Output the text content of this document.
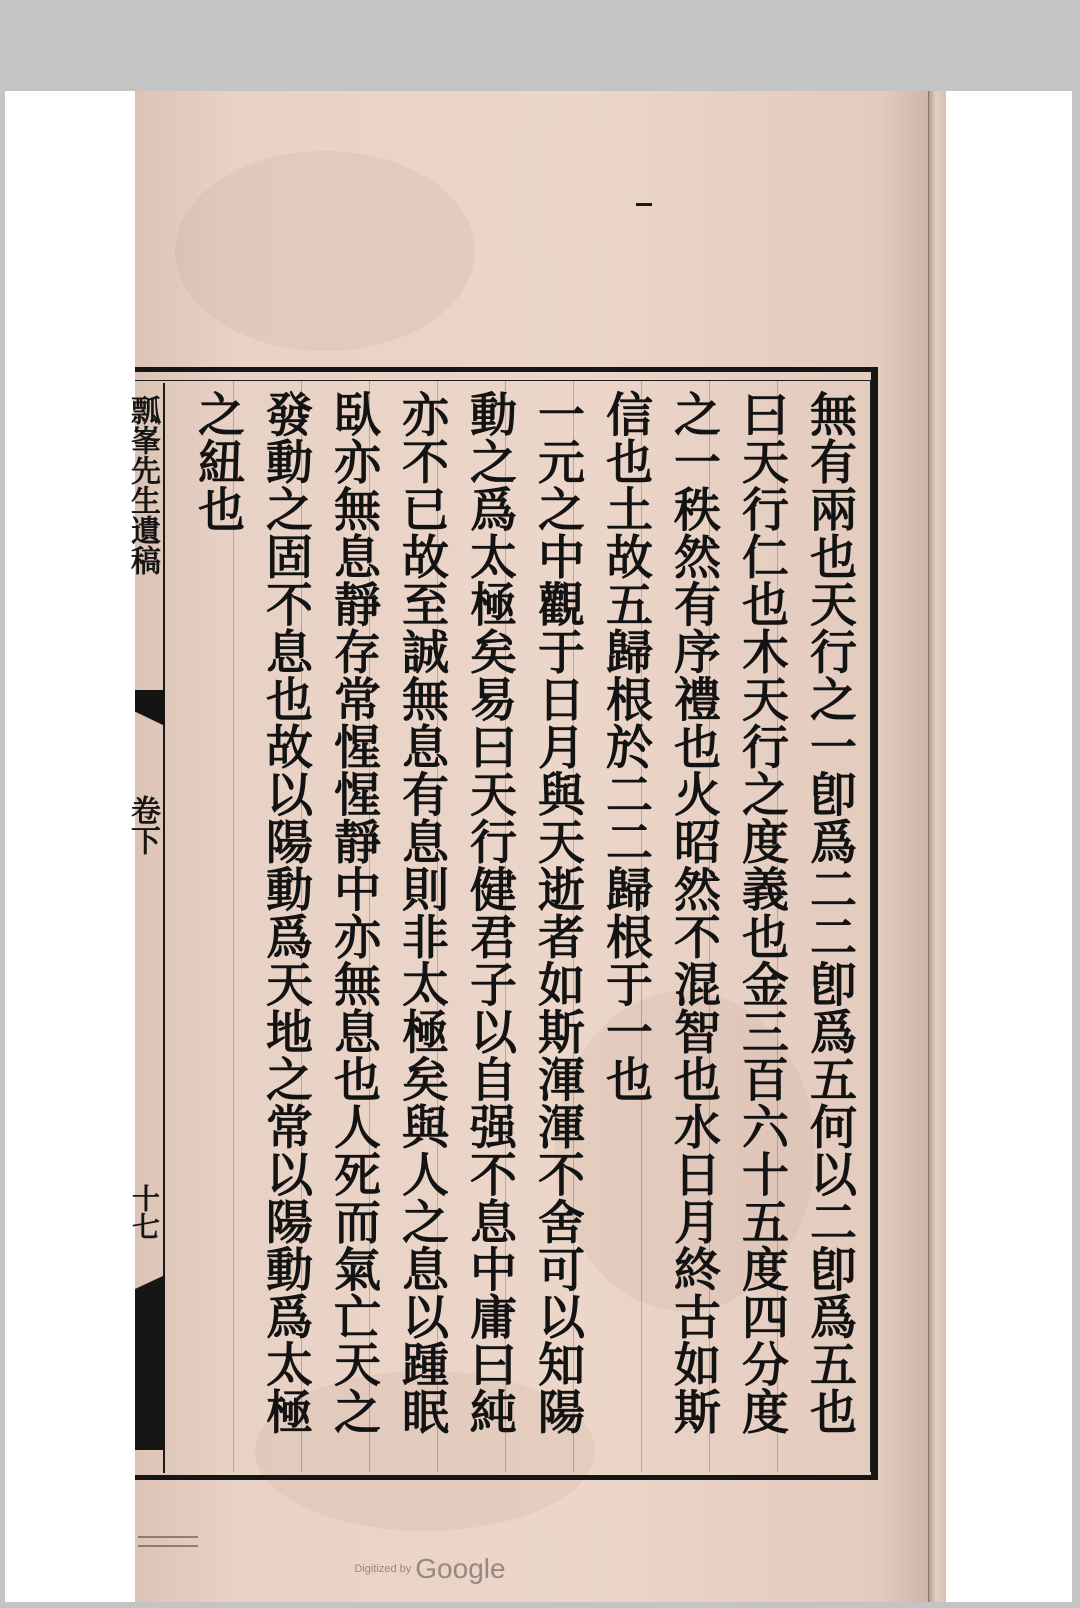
瓢峯先生遺稿
卷下
十七	無有兩也天行之一卽爲二二卽爲五何以二卽爲五也
曰天行仁也木天行之度義也金三百六十五度四分度
之一秩然有序禮也火昭然不混智也水日月終古如斯
信也土故五歸根於二二歸根于一也
一元之中觀于日月與天逝者如斯渾渾不舍可以知陽
動之爲太極矣易曰天行健君子以自强不息中庸曰純
亦不已故至誠無息有息則非太極矣與人之息以踵眠
臥亦無息靜存常惺惺靜中亦無息也人死而氣亡天之
發動之固不息也故以陽動爲天地之常以陽動爲太極
之紐也
Digitized by Google
